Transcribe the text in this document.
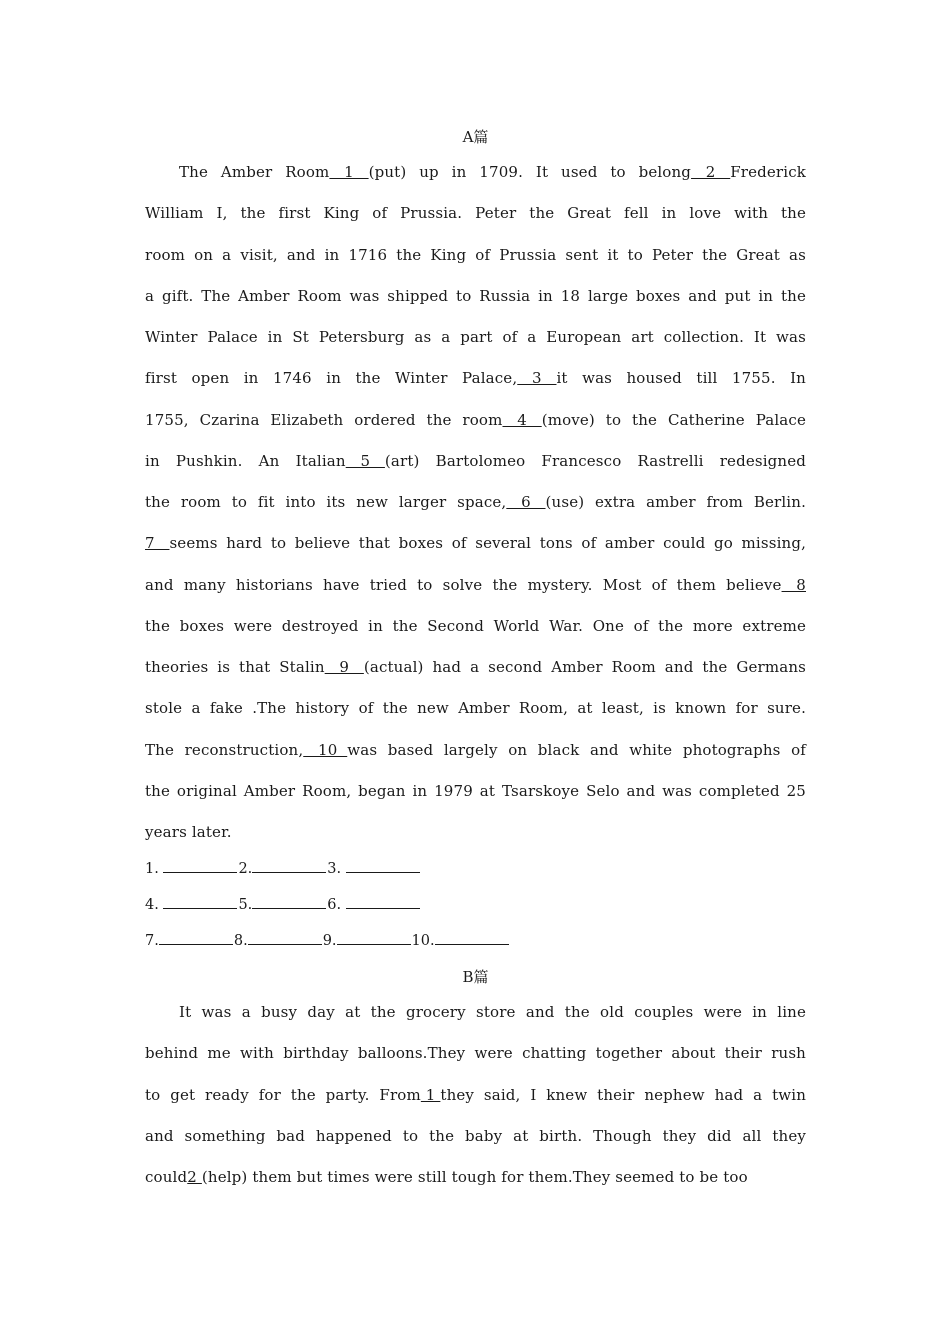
A篇
The Amber Room 1 (put) up in 1709. It used to belong 2 Frederick
William I, the first King of Prussia. Peter the Great fell in love with the
room on a visit, and in 1716 the King of Prussia sent it to Peter the Great as
a gift. The Amber Room was shipped to Russia in 18 large boxes and put in the
Winter Palace in St Petersburg as a part of a European art collection. It was
first open in 1746 in the Winter Palace, 3 it was housed till 1755. In
1755, Czarina Elizabeth ordered the room 4 (move) to the Catherine Palace
in Pushkin. An Italian 5 (art) Bartolomeo Francesco Rastrelli redesigned
the room to fit into its new larger space, 6 (use) extra amber from Berlin.
7 seems hard to believe that boxes of several tons of amber could go missing,
and many historians have tried to solve the mystery. Most of them believe 8
the boxes were destroyed in the Second World War. One of the more extreme
theories is that Stalin 9 (actual) had a second Amber Room and the Germans
stole a fake .The history of the new Amber Room, at least, is known for sure.
The reconstruction, 10 was based largely on black and white photographs of
the original Amber Room, began in 1979 at Tsarskoye Selo and was completed 25
years later.
1.	2.	3.
4.	5.	6.
7.	8.	9.	10.
B篇
It was a busy day at the grocery store and the old couples were in line
behind me with birthday balloons.They were chatting together about their rush
to get ready for the party. From 1 they said, I knew their nephew had a twin
and something bad happened to the baby at birth. Though they did all they
could 2 (help) them but times were still tough for them.They seemed to be too
